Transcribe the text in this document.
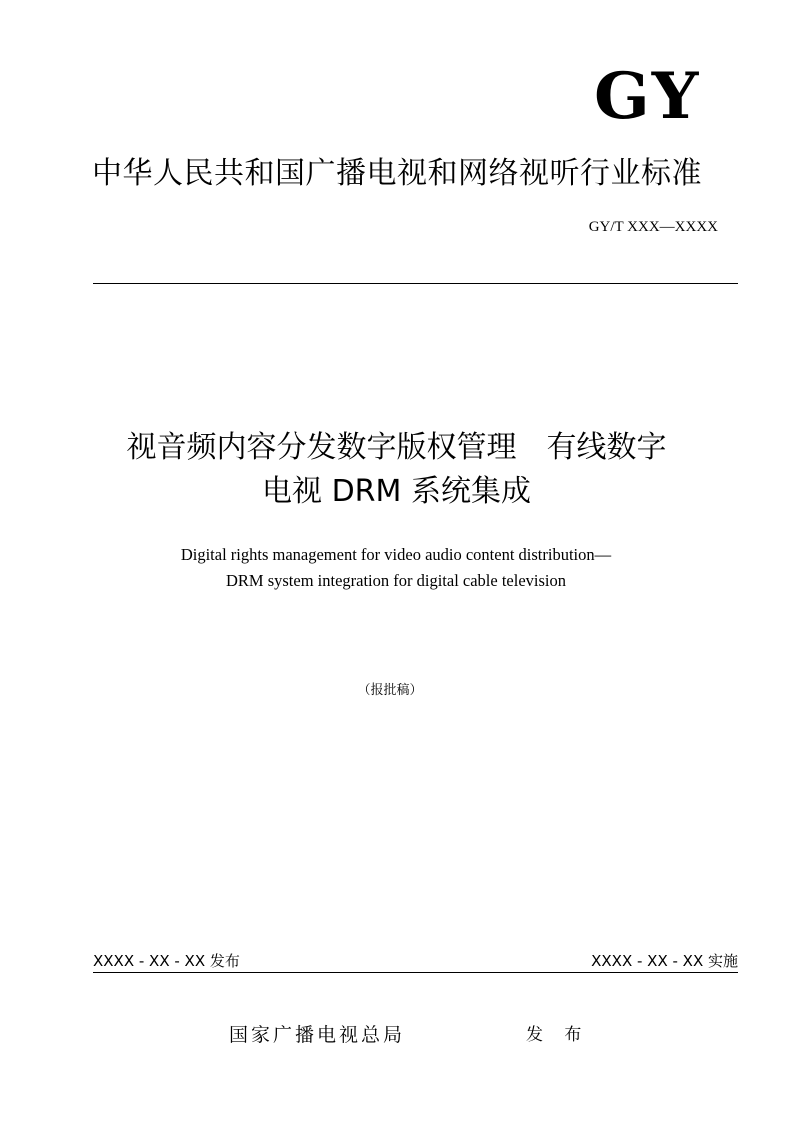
GY
中华人民共和国广播电视和网络视听行业标准
GY/T XXX—XXXX
视音频内容分发数字版权管理　有线数字
电视 DRM 系统集成
Digital rights management for video audio content distribution—
DRM system integration for digital cable television
（报批稿）
XXXX - XX - XX 发布	XXXX - XX - XX 实施
国家广播电视总局	发 布
